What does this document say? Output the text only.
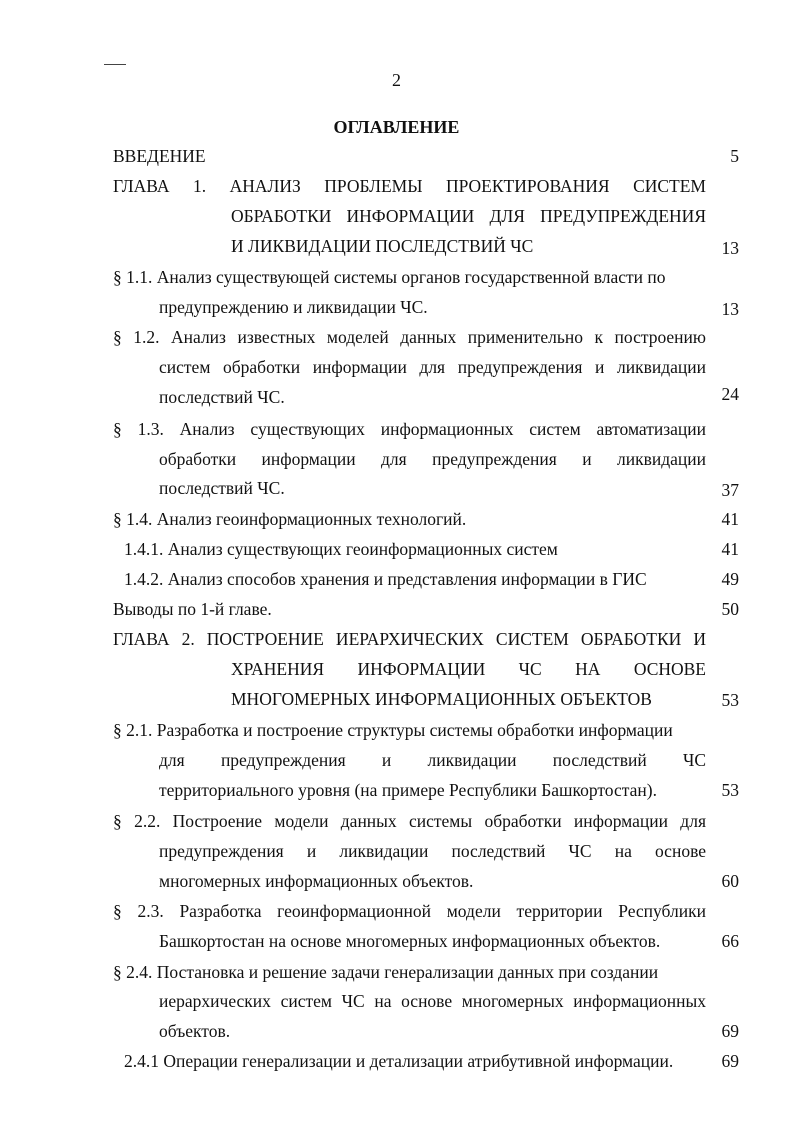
2
ОГЛАВЛЕНИЕ
ВВЕДЕНИЕ	5
ГЛАВА 1. АНАЛИЗ ПРОБЛЕМЫ ПРОЕКТИРОВАНИЯ СИСТЕМ
ОБРАБОТКИ ИНФОРМАЦИИ ДЛЯ ПРЕДУПРЕЖДЕНИЯ
И ЛИКВИДАЦИИ ПОСЛЕДСТВИЙ ЧС	13
§ 1.1. Анализ существующей системы органов государственной власти по
предупреждению и ликвидации ЧС.	13
§ 1.2. Анализ известных моделей данных применительно к построению
систем обработки информации для предупреждения и ликвидации
последствий ЧС.	24
§ 1.3. Анализ существующих информационных систем автоматизации
обработки информации для предупреждения и ликвидации
последствий ЧС.	37
§ 1.4. Анализ геоинформационных технологий.	41
1.4.1. Анализ существующих геоинформационных систем	41
1.4.2. Анализ способов хранения и представления информации в ГИС	49
Выводы по 1-й главе.	50
ГЛАВА 2. ПОСТРОЕНИЕ ИЕРАРХИЧЕСКИХ СИСТЕМ ОБРАБОТКИ И
ХРАНЕНИЯ ИНФОРМАЦИИ ЧС НА ОСНОВЕ
МНОГОМЕРНЫХ ИНФОРМАЦИОННЫХ ОБЪЕКТОВ	53
§ 2.1. Разработка и построение структуры системы обработки информации
для предупреждения и ликвидации последствий ЧС
территориального уровня (на примере Республики Башкортостан).	53
§ 2.2. Построение модели данных системы обработки информации для
предупреждения и ликвидации последствий ЧС на основе
многомерных информационных объектов.	60
§ 2.3. Разработка геоинформационной модели территории Республики
Башкортостан на основе многомерных информационных объектов.	66
§ 2.4. Постановка и решение задачи генерализации данных при создании
иерархических систем ЧС на основе многомерных информационных
объектов.	69
2.4.1 Операции генерализации и детализации атрибутивной информации.	69
